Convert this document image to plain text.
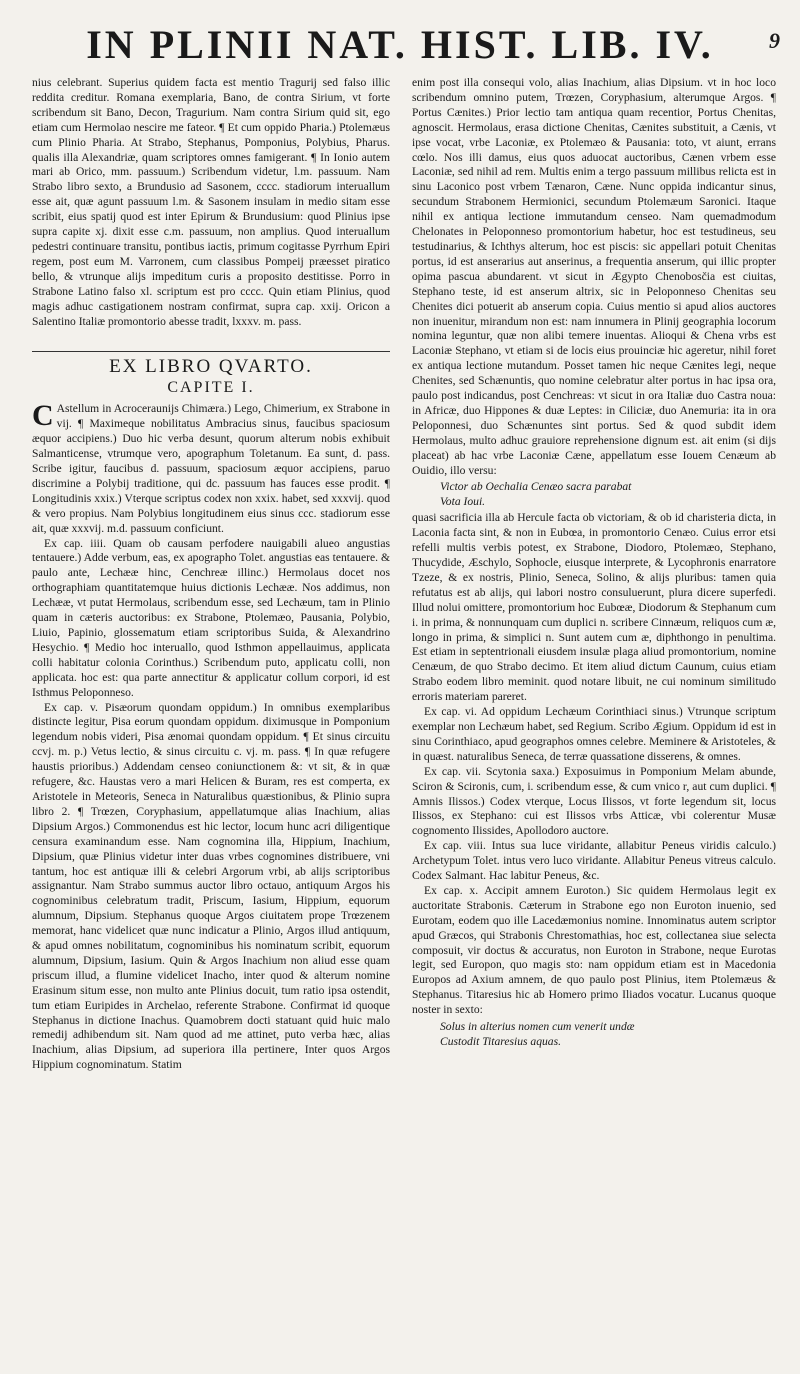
IN PLINII NAT. HIST. LIB. IV.	9

nius celebrant. Superius quidem facta est mentio Tragurij sed falso illic reddita creditur. Romana exemplaria, Bano, de contra Sirium, vt forte scribendum sit Bano, Decon, Tragurium. Nam contra Sirium quid sit, ego etiam cum Hermolao nescire me fateor. ¶ Et cum oppido Pharia.) Ptolemæus cum Plinio Pharia. At Strabo, Stephanus, Pomponius, Polybius, Pharus. qualis illa Alexandriæ, quam scriptores omnes famigerant. ¶ In Ionio autem mari ab Orico, mm. passuum.) Scribendum videtur, l.m. passuum. Nam Strabo libro sexto, a Brundusio ad Sasonem, cccc. stadiorum interuallum esse ait, quæ agunt passuum l.m. & Sasonem insulam in medio sitam esse scribit, eius spatij quod est inter Epirum & Brundusium: quod Plinius ipse supra capite xj. dixit esse c.m. passuum, non amplius. Quod interuallum pedestri continuare transitu, pontibus iactis, primum cogitasse Pyrrhum Epiri regem, post eum M. Varronem, cum classibus Pompeij præesset piratico bello, & vtrunque alijs impeditum curis a proposito destitisse. Porro in Strabone Latino falso xl. scriptum est pro cccc. Quin etiam Plinius, quod magis adhuc castigationem nostram confirmat, supra cap. xxij. Oricon a Salentino Italiæ promontorio abesse tradit, lxxxv. m. pass.

EX LIBRO QVARTO.
CAPITE I.

C Astellum in Acroceraunijs Chimæra.) Lego, Chimerium, ex Strabone in vij. ¶ Maximeque nobilitatus Ambracius sinus, faucibus spaciosum æquor accipiens.) Duo hic verba desunt, quorum alterum nobis exhibuit Salmanticense, vtrumque vero, apographum Toletanum. Ea sunt, d. pass. Scribe igitur, faucibus d. passuum, spaciosum æquor accipiens, paruo discrimine a Polybij traditione, qui dc. passuum has fauces esse prodit. ¶ Longitudinis xxix.) Vterque scriptus codex non xxix. habet, sed xxxvij. quod & vero propius. Nam Polybius longitudinem eius sinus ccc. stadiorum esse ait, quæ xxxvij. m.d. passuum conficiunt.

Ex cap. iiii. Quam ob causam perfodere nauigabili alueo angustias tentauere.) Adde verbum, eas, ex apographo Tolet. angustias eas tentauere. & paulo ante, Lechææ hinc, Cenchreæ illinc.) Hermolaus docet nos orthographiam quantitatemque huius dictionis Lechææ. Nos addimus, non Lechææ, vt putat Hermolaus, scribendum esse, sed Lechæum, tam in Plinio quam in cæteris auctoribus: ex Strabone, Ptolemæo, Pausania, Polybio, Liuio, Papinio, glossematum etiam scriptoribus Suida, & Alexandrino Hesychio. ¶ Medio hoc interuallo, quod Isthmon appellauimus, applicata colli habitatur colonia Corinthus.) Scribendum puto, applicatu colli, non applicata. hoc est: qua parte annectitur & applicatur collum corpori, id est Isthmus Peloponneso.

Ex cap. v. Pisæorum quondam oppidum.) In omnibus exemplaribus distincte legitur, Pisa eorum quondam oppidum. diximusque in Pomponium legendum nobis videri, Pisa ænomai quondam oppidum. ¶ Et sinus circuitu ccvj. m. p.) Vetus lectio, & sinus circuitu c. vj. m. pass. ¶ In quæ refugere haustis prioribus.) Addendam censeo coniunctionem &: vt sit, & in quæ refugere, &c. Haustas vero a mari Helicen & Buram, res est comperta, ex Aristotele in Meteoris, Seneca in Naturalibus quæstionibus, & Plinio supra libro 2. ¶ Trœzen, Coryphasium, appellatumque alias Inachium, alias Dipsium Argos.) Commonendus est hic lector, locum hunc acri diligentique censura examinandum esse. Nam cognomina illa, Hippium, Inachium, Dipsium, quæ Plinius videtur inter duas vrbes cognomines distribuere, vni tantum, hoc est antiquæ illi & celebri Argorum vrbi, ab alijs scriptoribus assignantur. Nam Strabo summus auctor libro octauo, antiquum Argos his cognominibus celebratum tradit, Priscum, Iasium, Hippium, equorum alumnum, Dipsium. Stephanus quoque Argos ciuitatem prope Trœzenem memorat, hanc videlicet quæ nunc indicatur a Plinio, Argos illud antiquum, & apud omnes nobilitatum, cognominibus his nominatum scribit, equorum alumnum, Dipsium, Iasium. Quin & Argos Inachium non aliud esse quam priscum illud, a flumine videlicet Inacho, inter quod & alterum nomine Erasinum situm esse, non multo ante Plinius docuit, tum ratio ipsa ostendit, tum etiam Euripides in Archelao, referente Strabone. Confirmat id quoque Stephanus in dictione Inachus. Quamobrem docti statuant quid huic malo remedij adhibendum sit. Nam quod ad me attinet, puto verba hæc, alias Inachium, alias Dipsium, ad superiora illa pertinere, Inter quos Argos Hippium cognominatum. Statim

enim post illa consequi volo, alias Inachium, alias Dipsium. vt in hoc loco scribendum omnino putem, Trœzen, Coryphasium, alterumque Argos. ¶ Portus Cænites.) Prior lectio tam antiqua quam recentior, Portus Chenitas, agnoscit. Hermolaus, erasa dictione Chenitas, Cænites substituit, a Cænis, vt ipse vocat, vrbe Laconiæ, ex Ptolemæo & Pausania: toto, vt aiunt, errans cœlo. Nos illi damus, eius quos aduocat auctoribus, Cænen vrbem esse Laconiæ, sed nihil ad rem. Multis enim a tergo passuum millibus relicta est in sinu Laconico post vrbem Tænaron, Cæne. Nunc oppida indicantur sinus, secundum Strabonem Hermionici, secundum Ptolemæum Saronici. Itaque nihil ex antiqua lectione immutandum censeo. Nam quemadmodum Chelonates in Peloponneso promontorium habetur, hoc est testudineus, seu testudinarius, & Ichthys alterum, hoc est piscis: sic appellari potuit Chenitas portus, id est anserarius aut anserinus, a frequentia anserum, qui illic propter opima pascua abundarent. vt sicut in Ægypto Chenobosčia est ciuitas, Stephano teste, id est anserum altrix, sic in Peloponneso Chenitas seu Chenites dici potuerit ab anserum copia. Cuius mentio si apud alios auctores non inuenitur, mirandum non est: nam innumera in Plinij geographia locorum nomina leguntur, quæ non alibi temere inuentas. Alioqui & Chena vrbs est Laconiæ Stephano, vt etiam si de locis eius prouinciæ hic ageretur, nihil foret ex antiqua lectione mutandum. Posset tamen hic neque Cænites legi, neque Chenites, sed Schænuntis, quo nomine celebratur alter portus in hac ipsa ora, paulo post indicandus, post Cenchreas: vt sicut in ora Italiæ duo Castra noua: in Africæ, duo Hippones & duæ Leptes: in Ciliciæ, duo Anemuria: ita in ora Peloponnesi, duo Schænuntes sint portus. Sed & quod subdit idem Hermolaus, multo adhuc grauiore reprehensione dignum est. ait enim (si dijs placeat) ab hac vrbe Laconiæ Cæne, appellatum esse Iouem Cenæum ab Ouidio, illo versu:

Victor ab Oechalia Cenæo sacra parabat
Vota Ioui.

quasi sacrificia illa ab Hercule facta ob victoriam, & ob id charisteria dicta, in Laconia facta sint, & non in Eubœa, in promontorio Cenæo. Cuius error etsi refelli multis verbis potest, ex Strabone, Diodoro, Ptolemæo, Stephano, Thucydide, Æschylo, Sophocle, eiusque interprete, & Lycophronis enarratore Tzeze, & ex nostris, Plinio, Seneca, Solino, & alijs pluribus: tamen quia refutatus est ab alijs, qui labori nostro consuluerunt, plura dicere superfedi. Illud nolui omittere, promontorium hoc Eubœæ, Diodorum & Stephanum cum i. in prima, & nonnunquam cum duplici n. scribere Cinnæum, reliquos cum æ, longo in prima, & simplici n. Sunt autem cum æ, diphthongo in penultima. Est etiam in septentrionali eiusdem insulæ plaga aliud promontorium, nomine Cenæum, de quo Strabo decimo. Et item aliud dictum Caunum, cuius etiam Strabo eodem libro meminit. quod notare libuit, ne cui nominum similitudo erroris materiam pareret.

Ex cap. vi. Ad oppidum Lechæum Corinthiaci sinus.) Vtrunque scriptum exemplar non Lechæum habet, sed Regium. Scribo Ægium. Oppidum id est in sinu Corinthiaco, apud geographos omnes celebre. Meminere & Aristoteles, & in quæst. naturalibus Seneca, de terræ quassatione disserens, & omnes.

Ex cap. vii. Scytonia saxa.) Exposuimus in Pomponium Melam abunde, Sciron & Scironis, cum, i. scribendum esse, & cum vnico r, aut cum duplici. ¶ Amnis Ilissos.) Codex vterque, Locus Ilissos, vt forte legendum sit, locus Ilissos, ex Stephano: cui est Ilissos vrbs Atticæ, vbi colerentur Musæ cognomento Ilissides, Apollodoro auctore.

Ex cap. viii. Intus sua luce viridante, allabitur Peneus viridis calculo.) Archetypum Tolet. intus vero luco viridante. Allabitur Peneus vitreus calculo. Codex Salmant. Hac labitur Peneus, &c.

Ex cap. x. Accipit amnem Euroton.) Sic quidem Hermolaus legit ex auctoritate Strabonis. Cæterum in Strabone ego non Euroton inuenio, sed Eurotam, eodem quo ille Lacedæmonius nomine. Innominatus autem scriptor apud Græcos, qui Strabonis Chrestomathias, hoc est, collectanea siue selecta composuit, vir doctus & accuratus, non Euroton in Strabone, neque Eurotas legit, sed Europon, quo magis sto: nam oppidum etiam est in Macedonia Europos ad Axium amnem, de quo paulo post Plinius, item Ptolemæus & Stephanus. Titaresius hic ab Homero primo Iliados vocatur. Lucanus quoque noster in sexto:

Solus in alterius nomen cum venerit undæ
Custodit Titaresius aquas.
